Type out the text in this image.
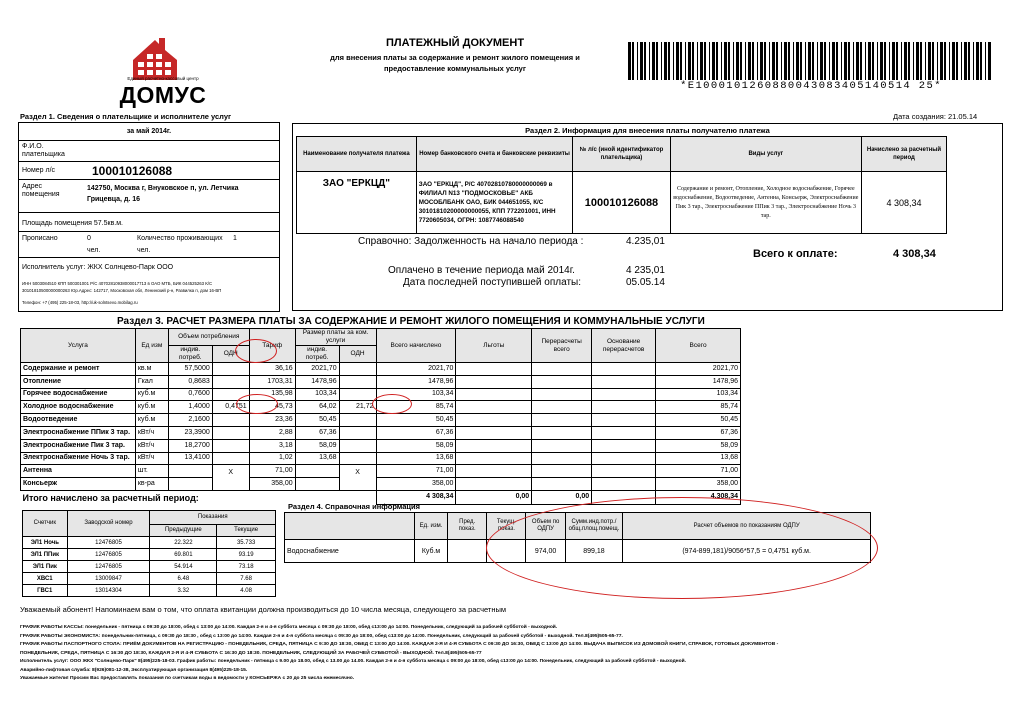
Единый расчетно-кассовый центр
ДОМУС
ПЛАТЕЖНЫЙ ДОКУМЕНТ
для внесения платы за содержание и ремонт жилого помещения и
предоставление коммунальных услуг
*E1000101260880043083405140514 25*
Раздел 1. Сведения о плательщике и исполнителе услуг	Дата создания: 21.05.14
за май 2014г.
Ф.И.О. плательщика
Номер л/с	100010126088
Адрес помещения
142750, Москва г, Внуковское п, ул. Летчика Грицевца, д. 16
Площадь помещения 57.5кв.м.
Прописано	0
чел.
Количество проживающих 1
чел.
Исполнитель услуг: ЖКХ Солнцево-Парк ООО
ИНН 5003084510 КПП 500301001 Р/С 40702810938000017713 в ОАО МТБ, БИК 044525263 К/С
30101810500000000263 Юр.Адрес: 142717, Московская обл, Ленинский р-н, Развилка п, дом 16-ВП
Телефон: +7 (495) 225-18-03, http://uk-solntsevo.mobilag.ru
Раздел 2. Информация для внесения платы получателю платежа
Наименование получателя платежа	Номер банковского счета и банковские реквизиты	№ л/с (иной идентификатор плательщика)	Виды услуг	Начислено за расчетный период
ЗАО "ЕРКЦД"	ЗАО "ЕРКЦД", Р/С 40702810780000000069 в ФИЛИАЛ N13 "ПОДМОСКОВЬЕ" АКБ МОСОБЛБАНК ОАО, БИК 044651055, К/С 30101810200000000055, КПП 772201001, ИНН 7720605034, ОГРН: 1087746088540	100010126088	Содержание и ремонт, Отопление, Холодное водоснабжение, Горячее водоснабжение, Водоотведение, Антенна, Консьерж, Электроснабжение Пик 3 тар., Электроснабжение ППик 3 тар., Электроснабжение Ночь 3 тар.	4 308,34
Справочно: Задолженность на начало периода :	4.235,01
Оплачено в течение периода май 2014г.	4 235,01
Дата последней поступившей оплаты:	05.05.14
Всего к оплате:	4 308,34
Раздел 3. РАСЧЕТ РАЗМЕРА ПЛАТЫ ЗА СОДЕРЖАНИЕ И РЕМОНТ ЖИЛОГО ПОМЕЩЕНИЯ И КОММУНАЛЬНЫЕ УСЛУГИ
Услуга	Ед изм	Объем потребления		Тариф	Размер платы за ком. услуги		Всего начислено	Льготы	Перерасчеты всего	Основание перерасчетов	Всего
		индив. потреб.	ОДН		индив. потреб.	ОДН					
Содержание и ремонт	кв.м	57,5000		36,16	2021,70		2021,70				2021,70
Отопление	Гкал	0,8683		1703,31	1478,96		1478,96				1478,96
Горячее водоснабжение	куб.м	0,7600		135,98	103,34		103,34				103,34
Холодное водоснабжение	куб.м	1,4000	0,4751	45,73	64,02	21,72	85,74				85,74
Водоотведение	куб.м	2,1600		23,36	50,45		50,45				50,45
Электроснабжение ППик 3 тар.	кВт/ч	23,3900		2,88	67,36		67,36				67,36
Электроснабжение Пик 3 тар.	кВт/ч	18,2700		3,18	58,09		58,09				58,09
Электроснабжение Ночь 3 тар.	кВт/ч	13,4100		1,02	13,68		13,68				13,68
Антенна	шт.		X	71,00		X	71,00				71,00
Консьерж	кв-ра			358,00			358,00				358,00
Итого начислено за расчетный период:							4 308,34	0,00	0,00		4.308,34
Счетчик	Заводской номер	Показания	
		Предыдущие	Текущие
ЭЛ1 Ночь	12476805	22.322	35.733
ЭЛ1 ППик	12476805	69.801	93.19
ЭЛ1 Пик	12476805	54.914	73.18
ХВС1	13009847	6.48	7.68
ГВС1	13014304	3.32	4.08
Раздел 4. Справочная информация
	Ед. изм.	Пред. показ.	Текущ. показ.	Объем по ОДПУ	Сумм.инд.потр./ общ.площ.помещ.	Расчет объемов по показаниям ОДПУ
Водоснабжение	Куб.м			974,00	899,18	(974-899,181)/9056*57,5 = 0,4751 куб.м.
Уважаемый абонент! Напоминаем вам о том, что оплата квитанции должна производиться до 10 числа месяца, следующего за расчетным
ГРАФИК РАБОТЫ КАССЫ: понедельник - пятница с 09:30 до 18:00, обед с 13:00 до 14:00. Каждая 2-я и 4-я суббота месяца с 09:30 до 18:00, обед с13:00 до 14:00. Понедельник, следующий за рабочей субботой - выходной.
ГРАФИК РАБОТЫ ЭКОНОМИСТА: понедельник-пятница, с 09:30 до 18:30 , обед с 13:00 до 14:00. Каждая 2-я и 4-я суббота месяца с 09:30 до 18:00, обед с13:00 до 14:00. Понедельник, следующий за рабочей субботой - выходной. Тел.8(495)505-65-77.
ГРАФИК РАБОТЫ ПАСПОРТНОГО СТОЛА: ПРИЁМ ДОКУМЕНТОВ НА РЕГИСТРАЦИЮ - ПОНЕДЕЛЬНИК, СРЕДА, ПЯТНИЦА С 9:30 ДО 18:30, ОБЕД С 13:00 ДО 14:00. КАЖДАЯ 2-Я И 4-Я СУББОТА С 09:30 ДО 16:30, ОБЕД С 13:00 ДО 14:00. ВЫДАЧА ВЫПИСОК ИЗ ДОМОВОЙ КНИГИ, СПРАВОК, ГОТОВЫХ ДОКУМЕНТОВ -
ПОНЕДЕЛЬНИК, СРЕДА, ПЯТНИЦА С 16:30 ДО 18:30, КАЖДАЯ 2-Я И 4-Я СУББОТА С 16:30 ДО 18:30. ПОНЕДЕЛЬНИК, СЛЕДУЮЩИЙ ЗА РАБОЧЕЙ СУББОТОЙ - ВЫХОДНОЙ. Тел.8(495)505-65-77
Исполнитель услуг: ООО ЖКХ "Солнцево-Парк" 8(495)225-18-03. График работы: понедельник - пятница с 9.00 до 18.00, обед с 13.00 до 14.00. Каждая 2-я и 4-я суббота месяца с 09:00 до 18:00, обед с13:00 до 14:00. Понедельник, следующий за рабочей субботой - выходной.
Аварийно-лифтовая служба: 8(926)081-12-38, Эксплуатирующая организация 8(495)225-18-15.
Уважаемые жители! Просим Вас предоставлять показания по счетчикам воды в ведомости у КОНСЬЕРЖА с 20 до 25 числа ежемесячно.
